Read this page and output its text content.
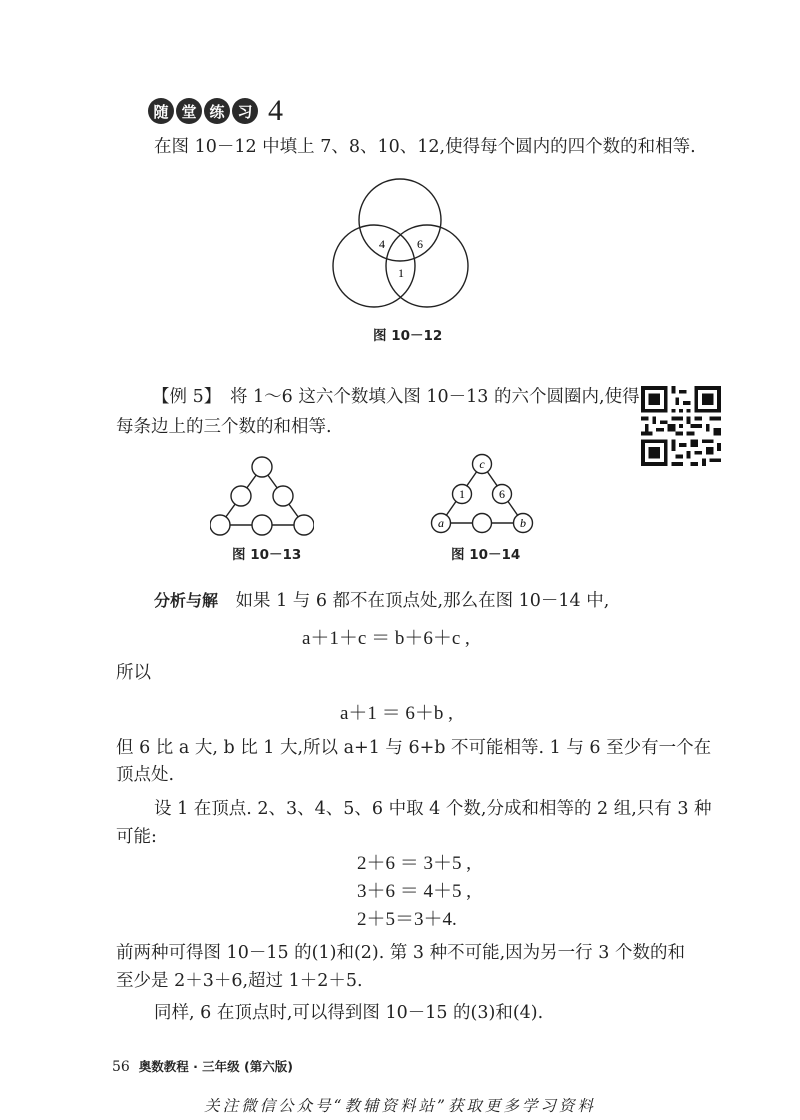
随 堂 练 习 4
在图 10－12 中填上 7、8、10、12,使得每个圆内的四个数的和相等.
4	6
1
图 10－12
【例 5】　将 1～6 这六个数填入图 10－13 的六个圆圈内,使得
每条边上的三个数的和相等.
图 10－13
c
1	6
a	b
图 10－14
分析与解　如果 1 与 6 都不在顶点处,那么在图 10－14 中,
a＋1＋c ＝ b＋6＋c ,
所以
a＋1 ＝ 6＋b ,
但 6 比 a 大, b 比 1 大,所以 a+1 与 6+b 不可能相等. 1 与 6 至少有一个在
顶点处.
设 1 在顶点. 2、3、4、5、6 中取 4 个数,分成和相等的 2 组,只有 3 种
可能:
2＋6 ＝ 3＋5 ,
3＋6 ＝ 4＋5 ,
2＋5＝3＋4.
前两种可得图 10－15 的(1)和(2). 第 3 种不可能,因为另一行 3 个数的和
至少是 2＋3＋6,超过 1＋2＋5.
同样, 6 在顶点时,可以得到图 10－15 的(3)和(4).
56 奥数教程 · 三年级 (第六版)
关注微信公众号“教辅资料站”获取更多学习资料
